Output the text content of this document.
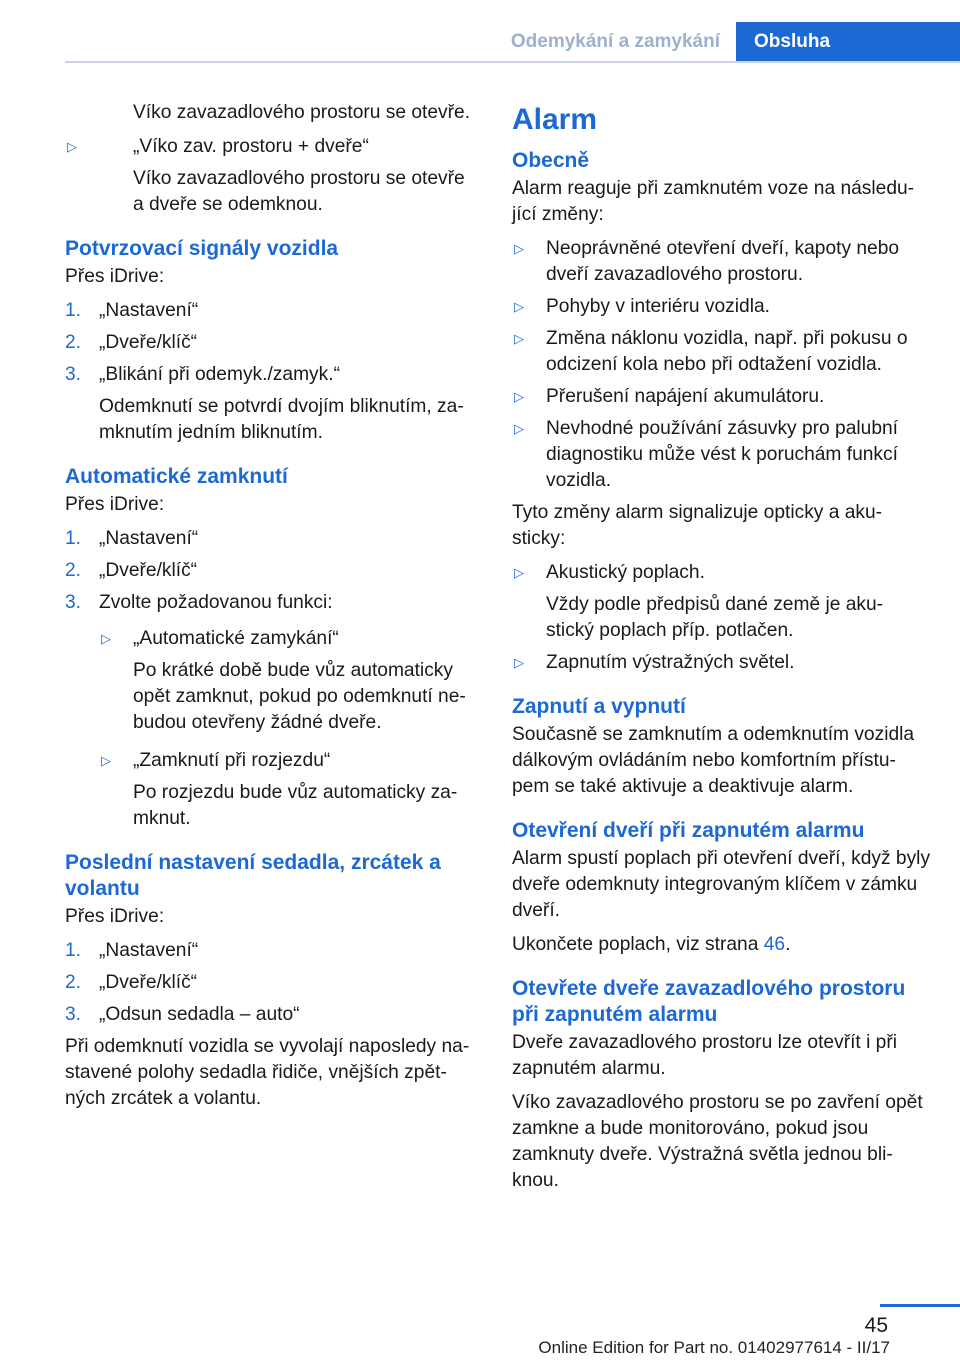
Odemykání a zamykání	Obsluha

Víko zavazadlového prostoru se otevře.

▷	„Víko zav. prostoru + dveře“
Víko zavazadlového prostoru se otevře a dveře se odemknou.
Potvrzovací signály vozidla

Přes iDrive:

1. „Nastavení“
2. „Dveře/klíč“
3. „Blikání při odemyk./zamyk.“
Odemknutí se potvrdí dvojím bliknutím, za- mknutím jedním bliknutím.
Automatické zamknutí

Přes iDrive:

1. „Nastavení“
2. „Dveře/klíč“
3. Zvolte požadovanou funkci:
▷ „Automatické zamykání“
Po krátké době bude vůz automaticky opět zamknut, pokud po odemknutí ne- budou otevřeny žádné dveře.
▷ „Zamknutí při rozjezdu“
Po rozjezdu bude vůz automaticky za- mknut.
Poslední nastavení sedadla, zrcátek a volantu

Přes iDrive:

1. „Nastavení“
2. „Dveře/klíč“
3. „Odsun sedadla – auto“

Při odemknutí vozidla se vyvolají naposledy na- stavené polohy sedadla řidiče, vnějších zpět- ných zrcátek a volantu.

Alarm
Obecně

Alarm reaguje při zamknutém voze na následu- jící změny:

▷ Neoprávněné otevření dveří, kapoty nebo dveří zavazadlového prostoru.
▷ Pohyby v interiéru vozidla.
▷ Změna náklonu vozidla, např. při pokusu o odcizení kola nebo při odtažení vozidla.
▷ Přerušení napájení akumulátoru.
▷ Nevhodné používání zásuvky pro palubní diagnostiku může vést k poruchám funkcí vozidla.

Tyto změny alarm signalizuje opticky a aku- sticky:

▷ Akustický poplach.
Vždy podle předpisů dané země je aku- stický poplach příp. potlačen.
▷ Zapnutím výstražných světel.
Zapnutí a vypnutí

Současně se zamknutím a odemknutím vozidla dálkovým ovládáním nebo komfortním přístu- pem se také aktivuje a deaktivuje alarm.

Otevření dveří při zapnutém alarmu

Alarm spustí poplach při otevření dveří, když byly dveře odemknuty integrovaným klíčem v zámku dveří.

Ukončete poplach, viz strana 46.

Otevřete dveře zavazadlového prostoru při zapnutém alarmu

Dveře zavazadlového prostoru lze otevřít i při zapnutém alarmu.

Víko zavazadlového prostoru se po zavření opět zamkne a bude monitorováno, pokud jsou zamknuty dveře. Výstražná světla jednou bli- knou.

45
Online Edition for Part no. 01402977614 - II/17
